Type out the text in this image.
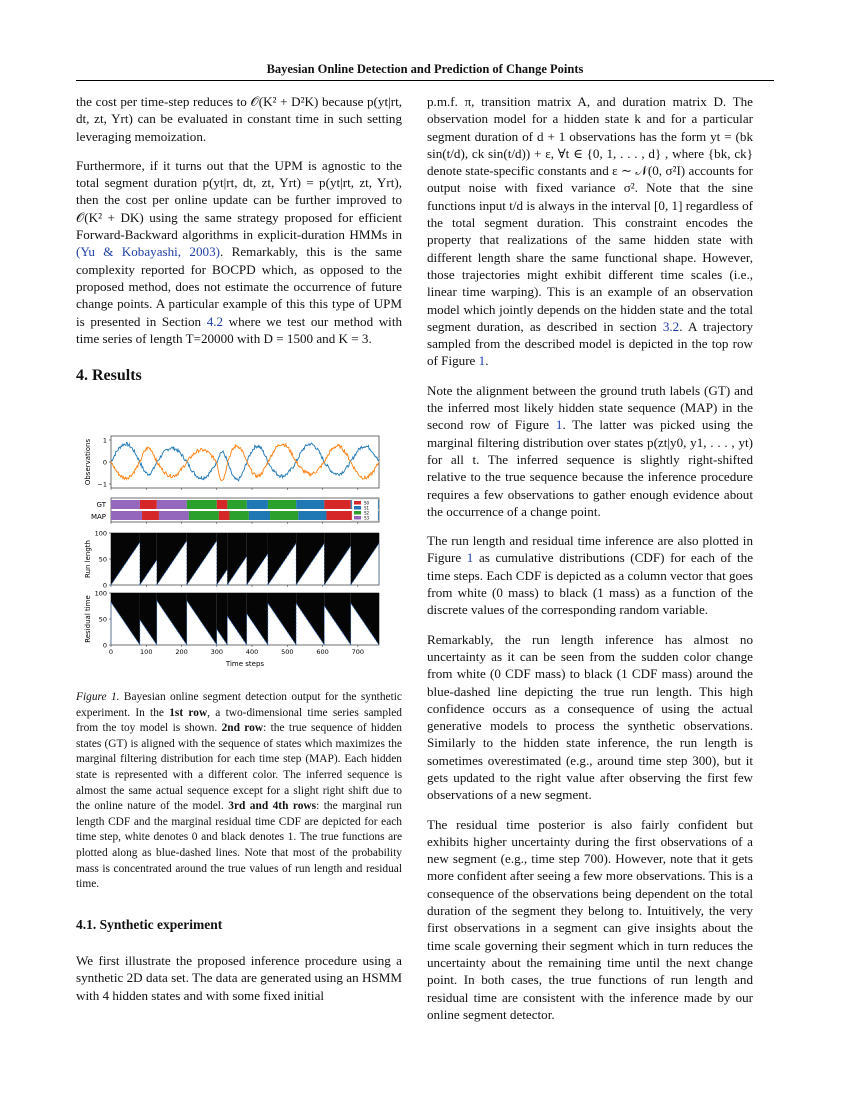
Bayesian Online Detection and Prediction of Change Points

the cost per time-step reduces to 𝒪(K² + D²K) because p(yt|rt, dt, zt, Yrt) can be evaluated in constant time in such setting leveraging memoization.

Furthermore, if it turns out that the UPM is agnostic to the total segment duration p(yt|rt, dt, zt, Yrt) = p(yt|rt, zt, Yrt), then the cost per online update can be further improved to 𝒪(K² + DK) using the same strategy proposed for efficient Forward-Backward algorithms in explicit-duration HMMs in (Yu & Kobayashi, 2003). Remarkably, this is the same complexity reported for BOCPD which, as opposed to the proposed method, does not estimate the occurrence of future change points. A particular example of this this type of UPM is presented in Section 4.2 where we test our method with time series of length T=20000 with D = 1500 and K = 3.

4. Results
Observations 1
0
−1
GT
MAP
S0
S1
S2
S3
Run length
100
50
0
Residual time
100
50
0
0	100	200	300	400	500	600	700
Time steps
Figure 1. Bayesian online segment detection output for the synthetic experiment. In the 1st row, a two-dimensional time series sampled from the toy model is shown. 2nd row: the true sequence of hidden states (GT) is aligned with the sequence of states which maximizes the marginal filtering distribution for each time step (MAP). Each hidden state is represented with a different color. The inferred sequence is almost the same actual sequence except for a slight right shift due to the online nature of the model. 3rd and 4th rows: the marginal run length CDF and the marginal residual time CDF are depicted for each time step, white denotes 0 and black denotes 1. The true functions are plotted along as blue-dashed lines. Note that most of the probability mass is concentrated around the true values of run length and residual time.
4.1. Synthetic experiment

We first illustrate the proposed inference procedure using a synthetic 2D data set. The data are generated using an HSMM with 4 hidden states and with some fixed initial

p.m.f. π, transition matrix A, and duration matrix D. The observation model for a hidden state k and for a particular segment duration of d + 1 observations has the form yt = (bk sin(t/d), ck sin(t/d)) + ε, ∀t ∈ {0, 1, . . . , d} , where {bk, ck} denote state-specific constants and ε ∼ 𝒩(0, σ²I) accounts for output noise with fixed variance σ². Note that the sine functions input t/d is always in the interval [0, 1] regardless of the total segment duration. This constraint encodes the property that realizations of the same hidden state with different length share the same functional shape. However, those trajectories might exhibit different time scales (i.e., linear time warping). This is an example of an observation model which jointly depends on the hidden state and the total segment duration, as described in section 3.2. A trajectory sampled from the described model is depicted in the top row of Figure 1.

Note the alignment between the ground truth labels (GT) and the inferred most likely hidden state sequence (MAP) in the second row of Figure 1. The latter was picked using the marginal filtering distribution over states p(zt|y0, y1, . . . , yt) for all t. The inferred sequence is slightly right-shifted relative to the true sequence because the inference procedure requires a few observations to gather enough evidence about the occurrence of a change point.

The run length and residual time inference are also plotted in Figure 1 as cumulative distributions (CDF) for each of the time steps. Each CDF is depicted as a column vector that goes from white (0 mass) to black (1 mass) as a function of the discrete values of the corresponding random variable.

Remarkably, the run length inference has almost no uncertainty as it can be seen from the sudden color change from white (0 CDF mass) to black (1 CDF mass) around the blue-dashed line depicting the true run length. This high confidence occurs as a consequence of using the actual generative models to process the synthetic observations. Similarly to the hidden state inference, the run length is sometimes overestimated (e.g., around time step 300), but it gets updated to the right value after observing the first few observations of a new segment.

The residual time posterior is also fairly confident but exhibits higher uncertainty during the first observations of a new segment (e.g., time step 700). However, note that it gets more confident after seeing a few more observations. This is a consequence of the observations being dependent on the total duration of the segment they belong to. Intuitively, the very first observations in a segment can give insights about the time scale governing their segment which in turn reduces the uncertainty about the remaining time until the next change point. In both cases, the true functions of run length and residual time are consistent with the inference made by our online segment detector.
